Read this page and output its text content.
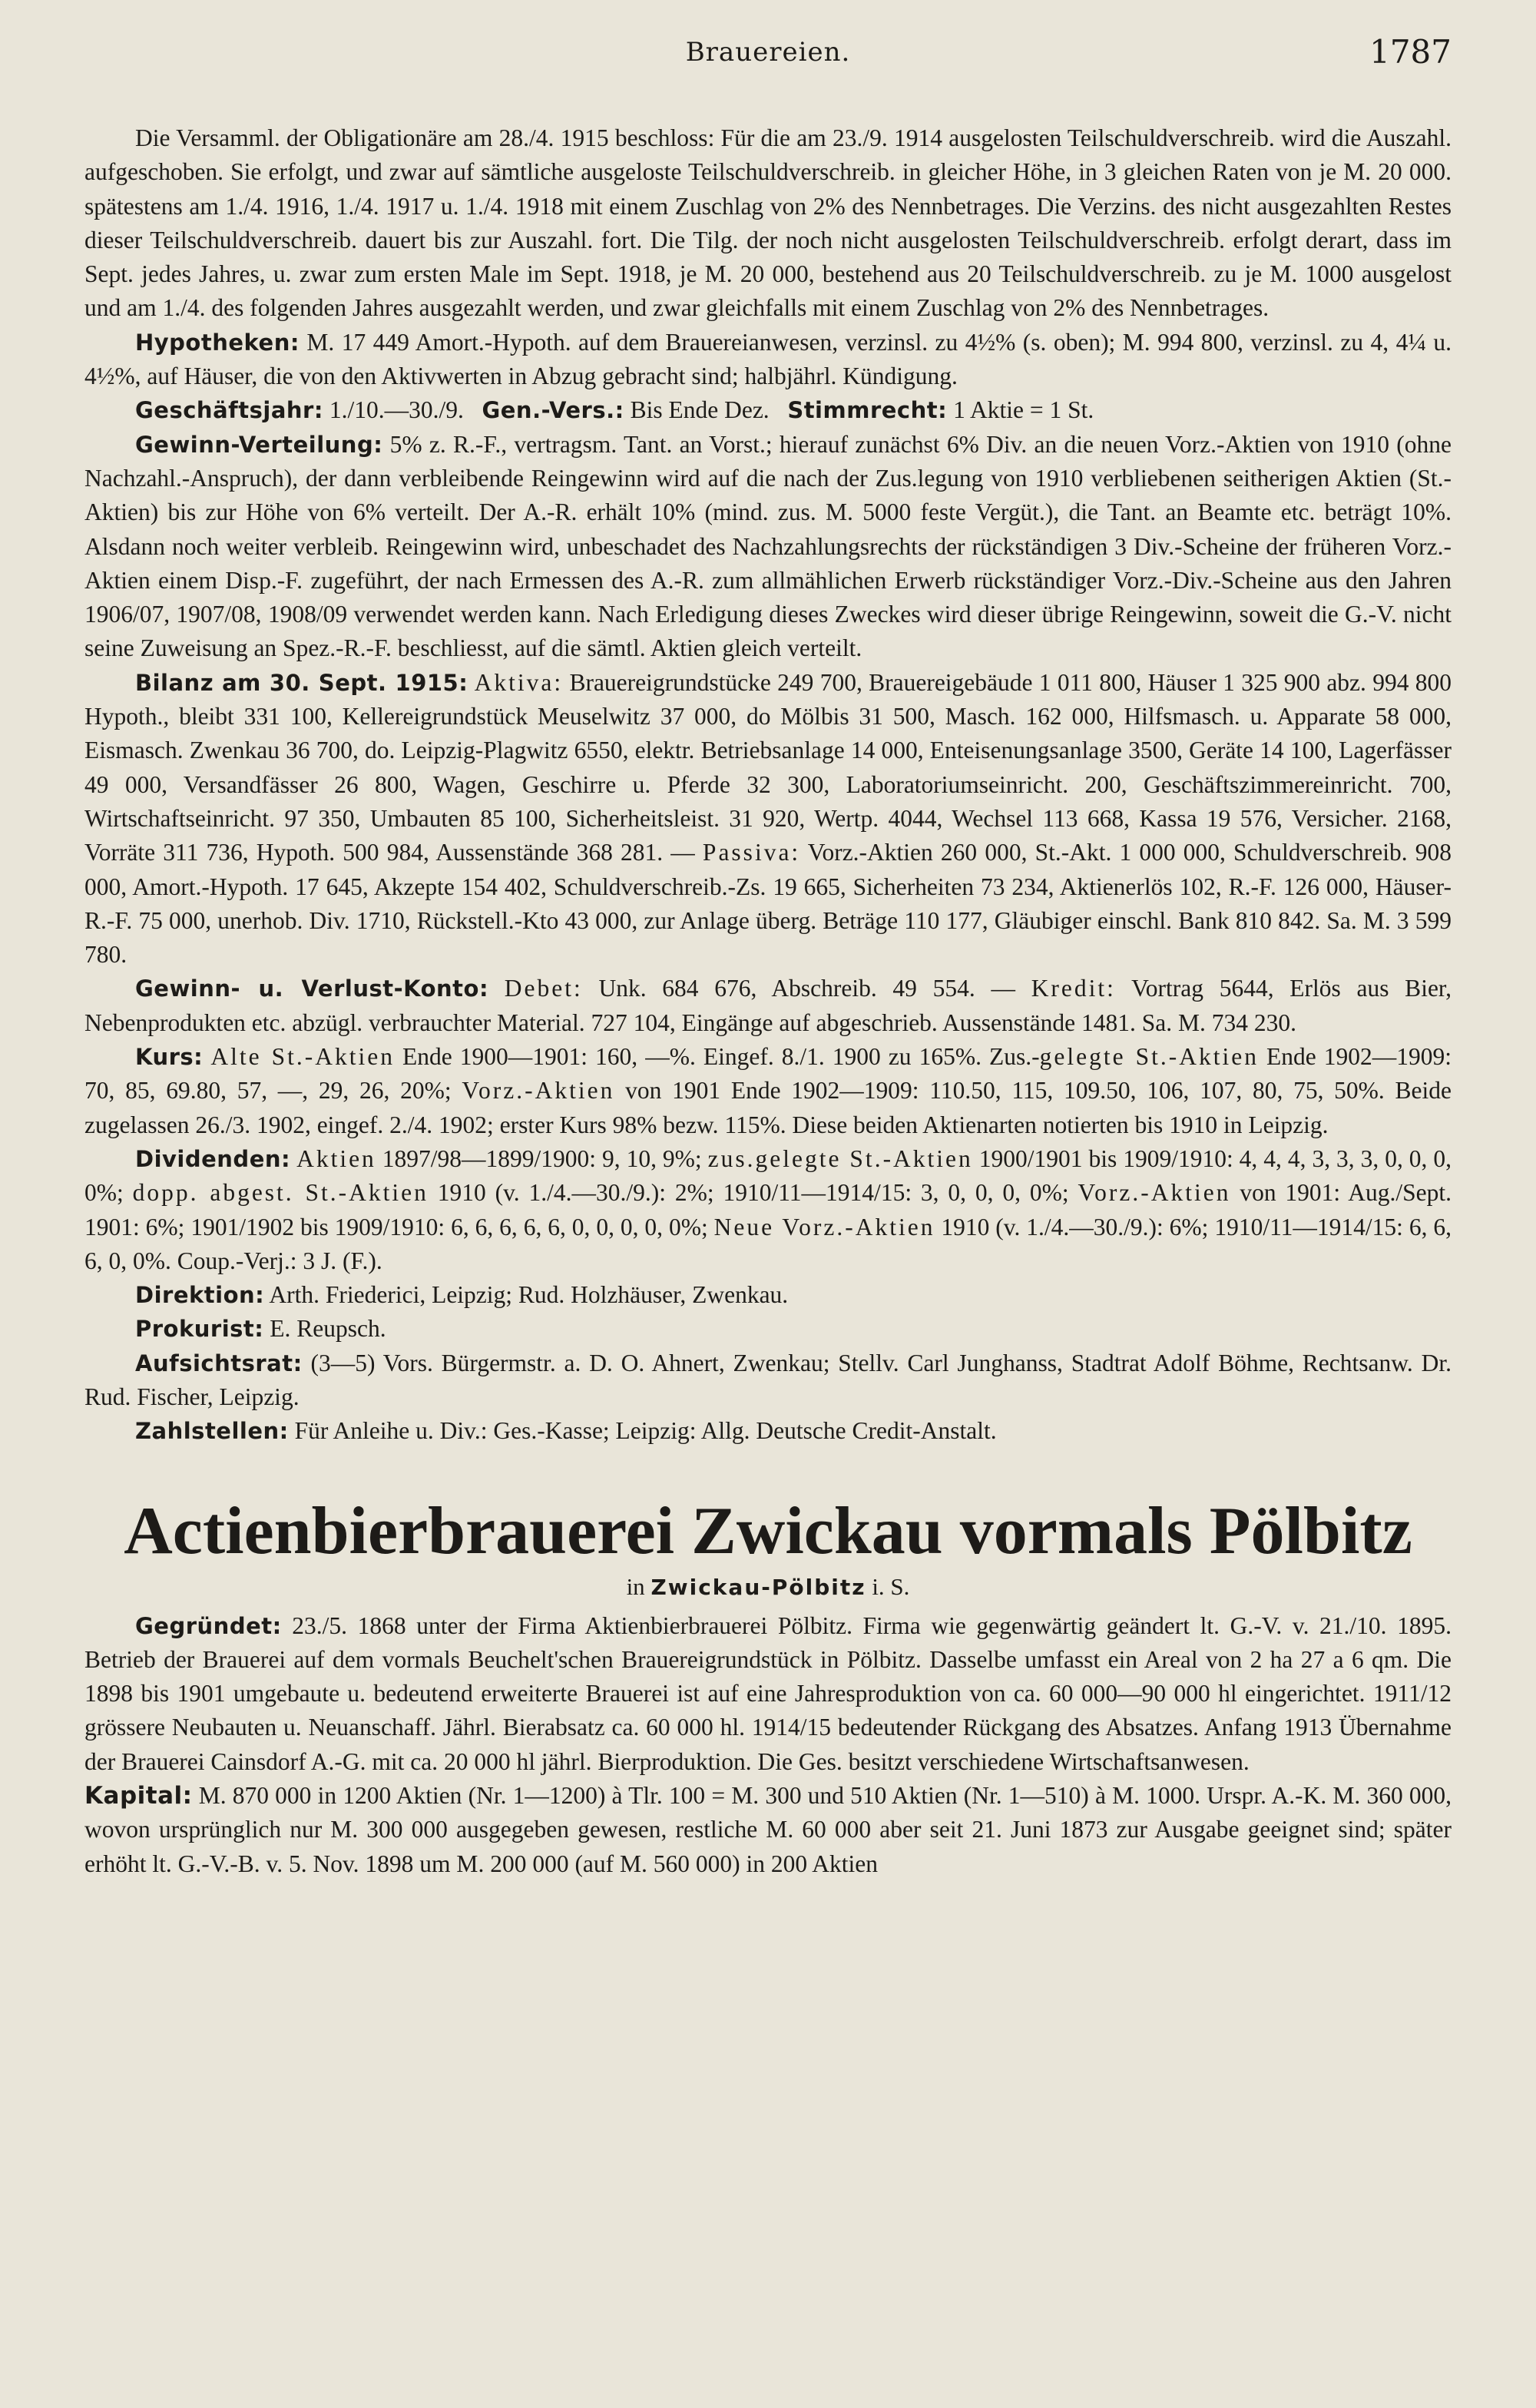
Brauereien.	1787

Die Versamml. der Obligationäre am 28./4. 1915 beschloss: Für die am 23./9. 1914 ausgelosten Teilschuldverschreib. wird die Auszahl. aufgeschoben. Sie erfolgt, und zwar auf sämtliche ausgeloste Teilschuldverschreib. in gleicher Höhe, in 3 gleichen Raten von je M. 20 000. spätestens am 1./4. 1916, 1./4. 1917 u. 1./4. 1918 mit einem Zuschlag von 2% des Nennbetrages. Die Verzins. des nicht ausgezahlten Restes dieser Teilschuldverschreib. dauert bis zur Auszahl. fort. Die Tilg. der noch nicht ausgelosten Teilschuldverschreib. erfolgt derart, dass im Sept. jedes Jahres, u. zwar zum ersten Male im Sept. 1918, je M. 20 000, bestehend aus 20 Teilschuldverschreib. zu je M. 1000 ausgelost und am 1./4. des folgenden Jahres ausgezahlt werden, und zwar gleichfalls mit einem Zuschlag von 2% des Nennbetrages.

Hypotheken: M. 17 449 Amort.-Hypoth. auf dem Brauereianwesen, verzinsl. zu 4½% (s. oben); M. 994 800, verzinsl. zu 4, 4¼ u. 4½%, auf Häuser, die von den Aktivwerten in Abzug gebracht sind; halbjährl. Kündigung.

Geschäftsjahr: 1./10.—30./9. Gen.-Vers.: Bis Ende Dez. Stimmrecht: 1 Aktie = 1 St.

Gewinn-Verteilung: 5% z. R.-F., vertragsm. Tant. an Vorst.; hierauf zunächst 6% Div. an die neuen Vorz.-Aktien von 1910 (ohne Nachzahl.-Anspruch), der dann verbleibende Reingewinn wird auf die nach der Zus.legung von 1910 verbliebenen seitherigen Aktien (St.-Aktien) bis zur Höhe von 6% verteilt. Der A.-R. erhält 10% (mind. zus. M. 5000 feste Vergüt.), die Tant. an Beamte etc. beträgt 10%. Alsdann noch weiter verbleib. Reingewinn wird, unbeschadet des Nachzahlungsrechts der rückständigen 3 Div.-Scheine der früheren Vorz.-Aktien einem Disp.-F. zugeführt, der nach Ermessen des A.-R. zum allmählichen Erwerb rückständiger Vorz.-Div.-Scheine aus den Jahren 1906/07, 1907/08, 1908/09 verwendet werden kann. Nach Erledigung dieses Zweckes wird dieser übrige Reingewinn, soweit die G.-V. nicht seine Zuweisung an Spez.-R.-F. beschliesst, auf die sämtl. Aktien gleich verteilt.

Bilanz am 30. Sept. 1915: Aktiva: Brauereigrundstücke 249 700, Brauereigebäude 1 011 800, Häuser 1 325 900 abz. 994 800 Hypoth., bleibt 331 100, Kellereigrundstück Meuselwitz 37 000, do Mölbis 31 500, Masch. 162 000, Hilfsmasch. u. Apparate 58 000, Eismasch. Zwenkau 36 700, do. Leipzig-Plagwitz 6550, elektr. Betriebsanlage 14 000, Enteisenungsanlage 3500, Geräte 14 100, Lagerfässer 49 000, Versandfässer 26 800, Wagen, Geschirre u. Pferde 32 300, Laboratoriumseinricht. 200, Geschäftszimmereinricht. 700, Wirtschaftseinricht. 97 350, Umbauten 85 100, Sicherheitsleist. 31 920, Wertp. 4044, Wechsel 113 668, Kassa 19 576, Versicher. 2168, Vorräte 311 736, Hypoth. 500 984, Aussenstände 368 281. — Passiva: Vorz.-Aktien 260 000, St.-Akt. 1 000 000, Schuldverschreib. 908 000, Amort.-Hypoth. 17 645, Akzepte 154 402, Schuldverschreib.-Zs. 19 665, Sicherheiten 73 234, Aktienerlös 102, R.-F. 126 000, Häuser-R.-F. 75 000, unerhob. Div. 1710, Rückstell.-Kto 43 000, zur Anlage überg. Beträge 110 177, Gläubiger einschl. Bank 810 842. Sa. M. 3 599 780.

Gewinn- u. Verlust-Konto: Debet: Unk. 684 676, Abschreib. 49 554. — Kredit: Vortrag 5644, Erlös aus Bier, Nebenprodukten etc. abzügl. verbrauchter Material. 727 104, Eingänge auf abgeschrieb. Aussenstände 1481. Sa. M. 734 230.

Kurs: Alte St.-Aktien Ende 1900—1901: 160, —%. Eingef. 8./1. 1900 zu 165%. Zus.-gelegte St.-Aktien Ende 1902—1909: 70, 85, 69.80, 57, —, 29, 26, 20%; Vorz.-Aktien von 1901 Ende 1902—1909: 110.50, 115, 109.50, 106, 107, 80, 75, 50%. Beide zugelassen 26./3. 1902, eingef. 2./4. 1902; erster Kurs 98% bezw. 115%. Diese beiden Aktienarten notierten bis 1910 in Leipzig.

Dividenden: Aktien 1897/98—1899/1900: 9, 10, 9%; zus.gelegte St.-Aktien 1900/1901 bis 1909/1910: 4, 4, 4, 3, 3, 3, 0, 0, 0, 0%; dopp. abgest. St.-Aktien 1910 (v. 1./4.—30./9.): 2%; 1910/11—1914/15: 3, 0, 0, 0, 0%; Vorz.-Aktien von 1901: Aug./Sept. 1901: 6%; 1901/1902 bis 1909/1910: 6, 6, 6, 6, 6, 0, 0, 0, 0, 0%; Neue Vorz.-Aktien 1910 (v. 1./4.—30./9.): 6%; 1910/11—1914/15: 6, 6, 6, 0, 0%. Coup.-Verj.: 3 J. (F.).

Direktion: Arth. Friederici, Leipzig; Rud. Holzhäuser, Zwenkau.

Prokurist: E. Reupsch.

Aufsichtsrat: (3—5) Vors. Bürgermstr. a. D. O. Ahnert, Zwenkau; Stellv. Carl Junghanss, Stadtrat Adolf Böhme, Rechtsanw. Dr. Rud. Fischer, Leipzig.

Zahlstellen: Für Anleihe u. Div.: Ges.-Kasse; Leipzig: Allg. Deutsche Credit-Anstalt.

Actienbierbrauerei Zwickau vormals Pölbitz
in Zwickau-Pölbitz i. S.

Gegründet: 23./5. 1868 unter der Firma Aktienbierbrauerei Pölbitz. Firma wie gegenwärtig geändert lt. G.-V. v. 21./10. 1895. Betrieb der Brauerei auf dem vormals Beuchelt'schen Brauereigrundstück in Pölbitz. Dasselbe umfasst ein Areal von 2 ha 27 a 6 qm. Die 1898 bis 1901 umgebaute u. bedeutend erweiterte Brauerei ist auf eine Jahresproduktion von ca. 60 000—90 000 hl eingerichtet. 1911/12 grössere Neubauten u. Neuanschaff. Jährl. Bierabsatz ca. 60 000 hl. 1914/15 bedeutender Rückgang des Absatzes. Anfang 1913 Übernahme der Brauerei Cainsdorf A.-G. mit ca. 20 000 hl jährl. Bierproduktion. Die Ges. besitzt verschiedene Wirtschaftsanwesen.

Kapital: M. 870 000 in 1200 Aktien (Nr. 1—1200) à Tlr. 100 = M. 300 und 510 Aktien (Nr. 1—510) à M. 1000. Urspr. A.-K. M. 360 000, wovon ursprünglich nur M. 300 000 ausgegeben gewesen, restliche M. 60 000 aber seit 21. Juni 1873 zur Ausgabe geeignet sind; später erhöht lt. G.-V.-B. v. 5. Nov. 1898 um M. 200 000 (auf M. 560 000) in 200 Aktien
